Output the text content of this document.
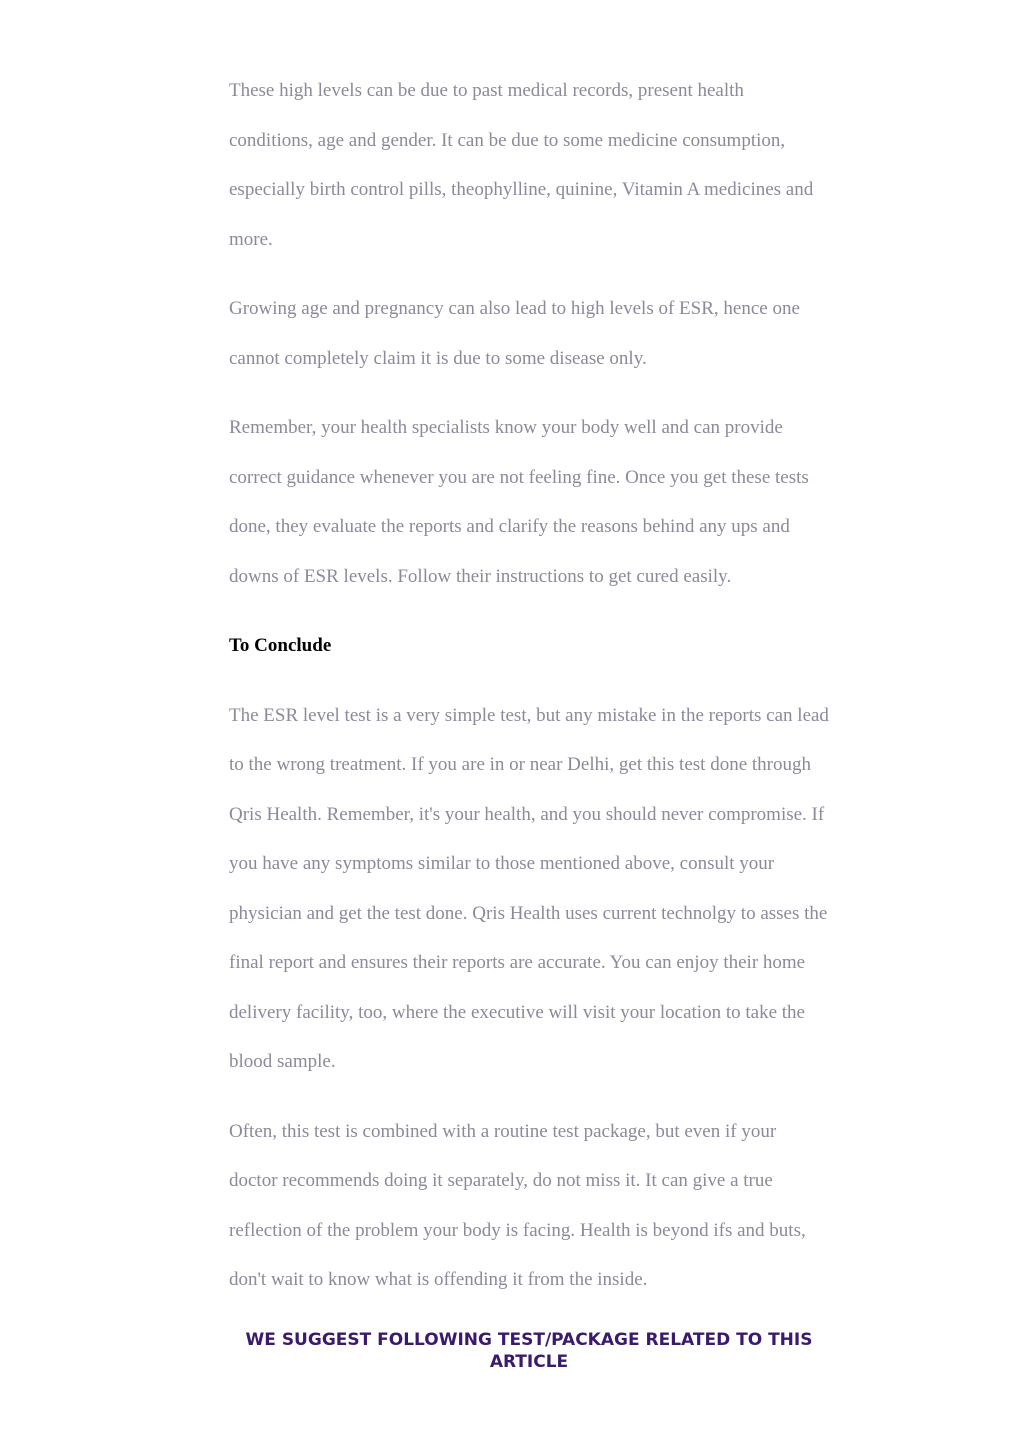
These high levels can be due to past medical records, present health conditions, age and gender. It can be due to some medicine consumption, especially birth control pills, theophylline, quinine, Vitamin A medicines and more.

Growing age and pregnancy can also lead to high levels of ESR, hence one cannot completely claim it is due to some disease only.

Remember, your health specialists know your body well and can provide correct guidance whenever you are not feeling fine. Once you get these tests done, they evaluate the reports and clarify the reasons behind any ups and downs of ESR levels. Follow their instructions to get cured easily.

To Conclude

The ESR level test is a very simple test, but any mistake in the reports can lead to the wrong treatment. If you are in or near Delhi, get this test done through Qris Health. Remember, it's your health, and you should never compromise. If you have any symptoms similar to those mentioned above, consult your physician and get the test done. Qris Health uses current technolgy to asses the final report and ensures their reports are accurate. You can enjoy their home delivery facility, too, where the executive will visit your location to take the blood sample.

Often, this test is combined with a routine test package, but even if your doctor recommends doing it separately, do not miss it. It can give a true reflection of the problem your body is facing. Health is beyond ifs and buts, don't wait to know what is offending it from the inside.

WE SUGGEST FOLLOWING TEST/PACKAGE RELATED TO THIS ARTICLE
